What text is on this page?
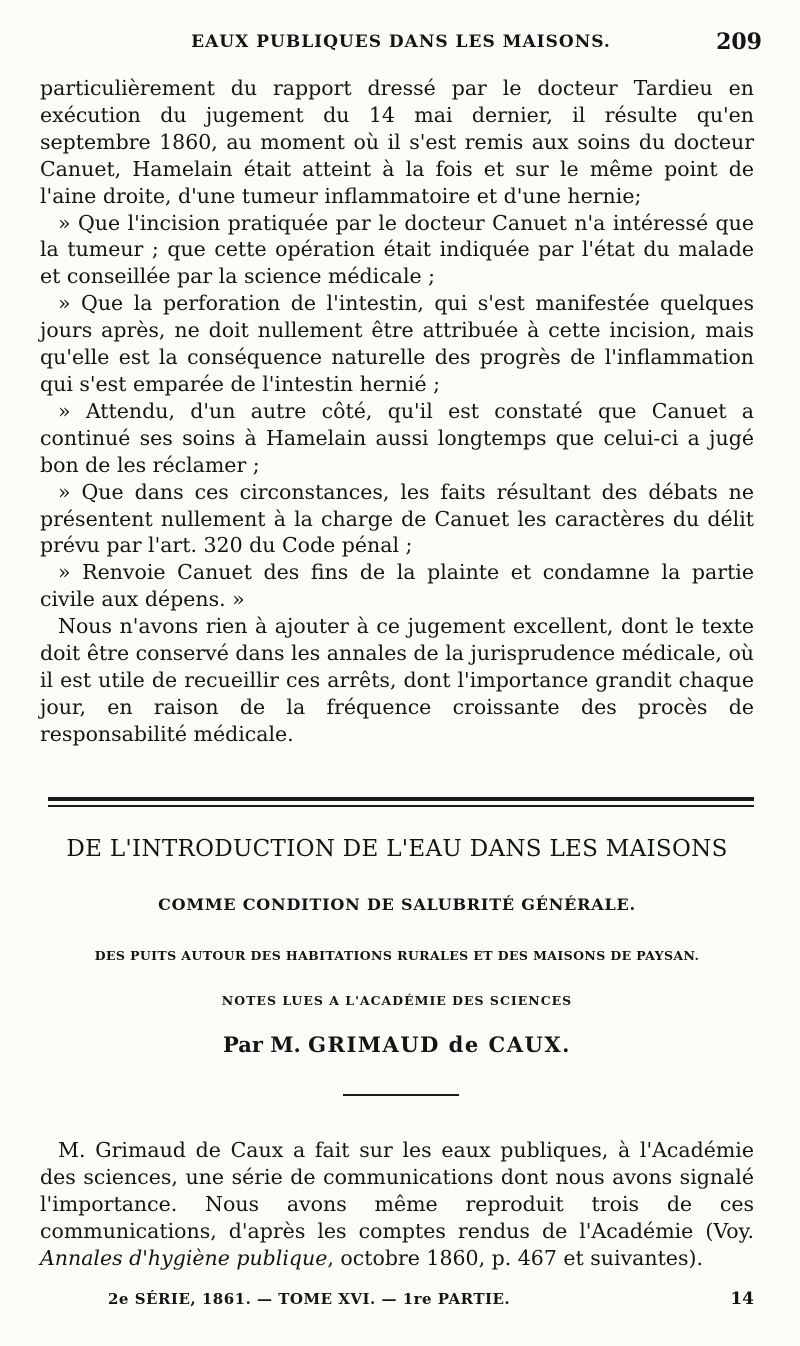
EAUX PUBLIQUES DANS LES MAISONS.	209

particulièrement du rapport dressé par le docteur Tardieu en exécution du jugement du 14 mai dernier, il résulte qu'en septembre 1860, au moment où il s'est remis aux soins du docteur Canuet, Hamelain était atteint à la fois et sur le même point de l'aine droite, d'une tumeur inflammatoire et d'une hernie;

» Que l'incision pratiquée par le docteur Canuet n'a intéressé que la tumeur ; que cette opération était indiquée par l'état du malade et conseillée par la science médicale ;

» Que la perforation de l'intestin, qui s'est manifestée quelques jours après, ne doit nullement être attribuée à cette incision, mais qu'elle est la conséquence naturelle des progrès de l'inflammation qui s'est emparée de l'intestin hernié ;

» Attendu, d'un autre côté, qu'il est constaté que Canuet a continué ses soins à Hamelain aussi longtemps que celui-ci a jugé bon de les réclamer ;

» Que dans ces circonstances, les faits résultant des débats ne présentent nullement à la charge de Canuet les caractères du délit prévu par l'art. 320 du Code pénal ;

» Renvoie Canuet des fins de la plainte et condamne la partie civile aux dépens. »

Nous n'avons rien à ajouter à ce jugement excellent, dont le texte doit être conservé dans les annales de la jurisprudence médicale, où il est utile de recueillir ces arrêts, dont l'importance grandit chaque jour, en raison de la fréquence croissante des procès de responsabilité médicale.

DE L'INTRODUCTION DE L'EAU DANS LES MAISONS
COMME CONDITION DE SALUBRITÉ GÉNÉRALE.
DES PUITS AUTOUR DES HABITATIONS RURALES ET DES MAISONS DE PAYSAN.
NOTES LUES A L'ACADÉMIE DES SCIENCES
Par M. GRIMAUD de CAUX.

M. Grimaud de Caux a fait sur les eaux publiques, à l'Académie des sciences, une série de communications dont nous avons signalé l'importance. Nous avons même reproduit trois de ces communications, d'après les comptes rendus de l'Académie (Voy. Annales d'hygiène publique, octobre 1860, p. 467 et suivantes).

2e SÉRIE, 1861. — TOME XVI. — 1re PARTIE.	14
